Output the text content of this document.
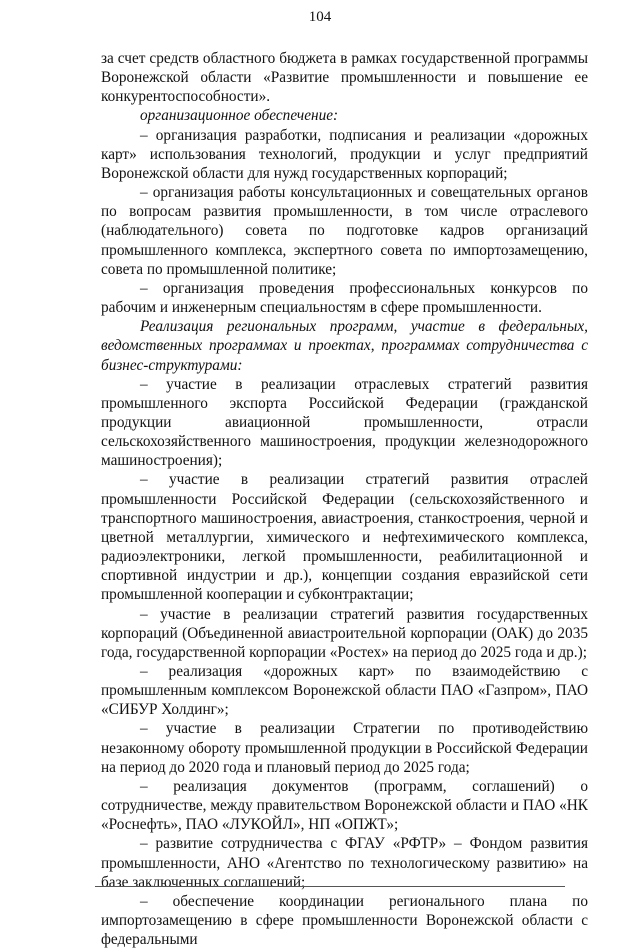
104

за счет средств областного бюджета в рамках государственной программы Воронежской области «Развитие промышленности и повышение ее конкурентоспособности».

организационное обеспечение:

– организация разработки, подписания и реализации «дорожных карт» использования технологий, продукции и услуг предприятий Воронежской области для нужд государственных корпораций;

– организация работы консультационных и совещательных органов по вопросам развития промышленности, в том числе отраслевого (наблюдательного) совета по подготовке кадров организаций промышленного комплекса, экспертного совета по импортозамещению, совета по промышленной политике;

– организация проведения профессиональных конкурсов по рабочим и инженерным специальностям в сфере промышленности.

Реализация региональных программ, участие в федеральных, ведомственных программах и проектах, программах сотрудничества с бизнес-структурами:

– участие в реализации отраслевых стратегий развития промышленного экспорта Российской Федерации (гражданской продукции авиационной промышленности, отрасли сельскохозяйственного машиностроения, продукции железнодорожного машиностроения);

– участие в реализации стратегий развития отраслей промышленности Российской Федерации (сельскохозяйственного и транспортного машиностроения, авиастроения, станкостроения, черной и цветной металлургии, химического и нефтехимического комплекса, радиоэлектроники, легкой промышленности, реабилитационной и спортивной индустрии и др.), концепции создания евразийской сети промышленной кооперации и субконтрактации;

– участие в реализации стратегий развития государственных корпораций (Объединенной авиастроительной корпорации (ОАК) до 2035 года, государственной корпорации «Ростех» на период до 2025 года и др.);

– реализация «дорожных карт» по взаимодействию с промышленным комплексом Воронежской области ПАО «Газпром», ПАО «СИБУР Холдинг»;

– участие в реализации Стратегии по противодействию незаконному обороту промышленной продукции в Российской Федерации на период до 2020 года и плановый период до 2025 года;

– реализация документов (программ, соглашений) о сотрудничестве, между правительством Воронежской области и ПАО «НК «Роснефть», ПАО «ЛУКОЙЛ», НП «ОПЖТ»;

– развитие сотрудничества с ФГАУ «РФТР» – Фондом развития промышленности, АНО «Агентство по технологическому развитию» на базе заключенных соглашений;

– обеспечение координации регионального плана по импортозамещению в сфере промышленности Воронежской области с федеральными
